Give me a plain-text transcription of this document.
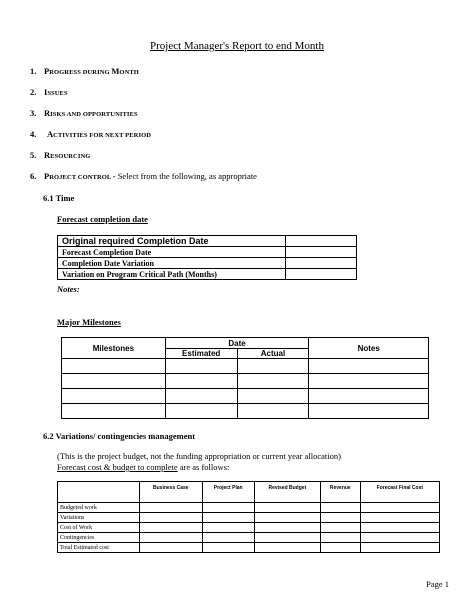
Project Manager's Report to end Month
1. PROGRESS DURING MONTH
2. ISSUES
3. RISKS AND OPPORTUNITIES
4. ACTIVITIES FOR NEXT PERIOD
5. RESOURCING
6. PROJECT CONTROL - Select from the following, as appropriate
6.1 Time
Forecast completion date
Original required Completion Date	
Forecast Completion Date	
Completion Date Variation	
Variation on Program Critical Path (Months)	
Notes:
Major Milestones
Milestones	Date		Notes
	Estimated	Actual	

6.2 Variations/ contingencies management
(This is the project budget, not the funding appropriation or current year allocation)
Forecast cost & budget to complete are as follows:
	Business Case	Project Plan	Revised Budget	Revenue	Forecast Final Cost
Budgeted work					
Variations					
Cost of Work					
Contingencies					
Total Estimated cost					
Page 1
